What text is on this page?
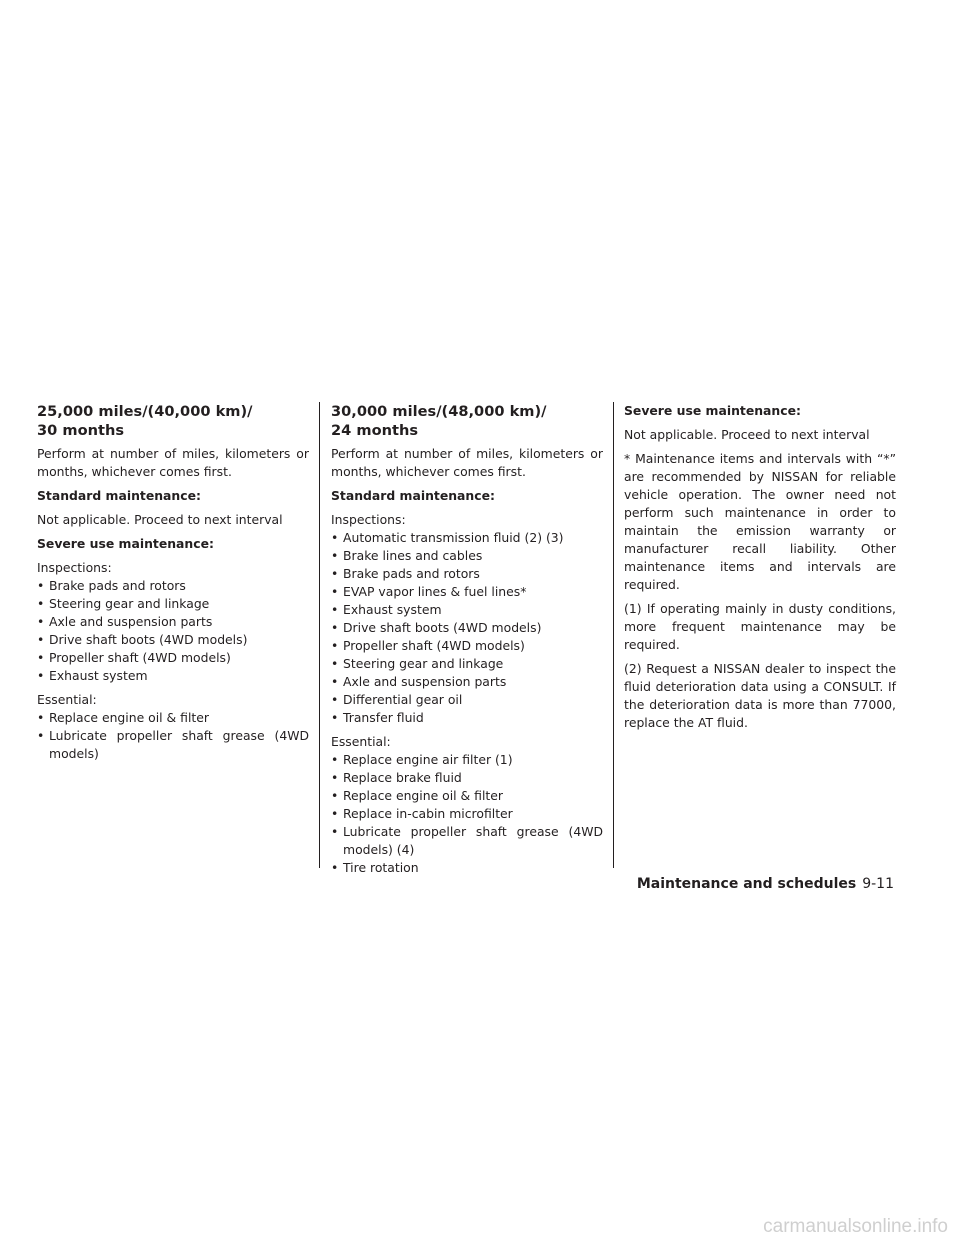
25,000 miles/(40,000 km)/
30 months

Perform at number of miles, kilometers or months, whichever comes first.

Standard maintenance:

Not applicable. Proceed to next interval

Severe use maintenance:

Inspections:

• Brake pads and rotors
• Steering gear and linkage
• Axle and suspension parts
• Drive shaft boots (4WD models)
• Propeller shaft (4WD models)
• Exhaust system

Essential:

• Replace engine oil & filter
• Lubricate propeller shaft grease (4WD models)
30,000 miles/(48,000 km)/
24 months

Perform at number of miles, kilometers or months, whichever comes first.

Standard maintenance:

Inspections:

• Automatic transmission fluid (2) (3)
• Brake lines and cables
• Brake pads and rotors
• EVAP vapor lines & fuel lines*
• Exhaust system
• Drive shaft boots (4WD models)
• Propeller shaft (4WD models)
• Steering gear and linkage
• Axle and suspension parts
• Differential gear oil
• Transfer fluid

Essential:

• Replace engine air filter (1)
• Replace brake fluid
• Replace engine oil & filter
• Replace in-cabin microfilter
• Lubricate propeller shaft grease (4WD models) (4)
• Tire rotation

Severe use maintenance:

Not applicable. Proceed to next interval

* Maintenance items and intervals with “*” are recommended by NISSAN for reliable vehicle operation. The owner need not perform such maintenance in order to maintain the emission warranty or manufacturer recall liability. Other maintenance items and intervals are required.

(1) If operating mainly in dusty conditions, more frequent maintenance may be required.

(2) Request a NISSAN dealer to inspect the fluid deterioration data using a CONSULT. If the deterioration data is more than 77000, replace the AT fluid.

Maintenance and schedules 9-11
carmanualsonline.info
